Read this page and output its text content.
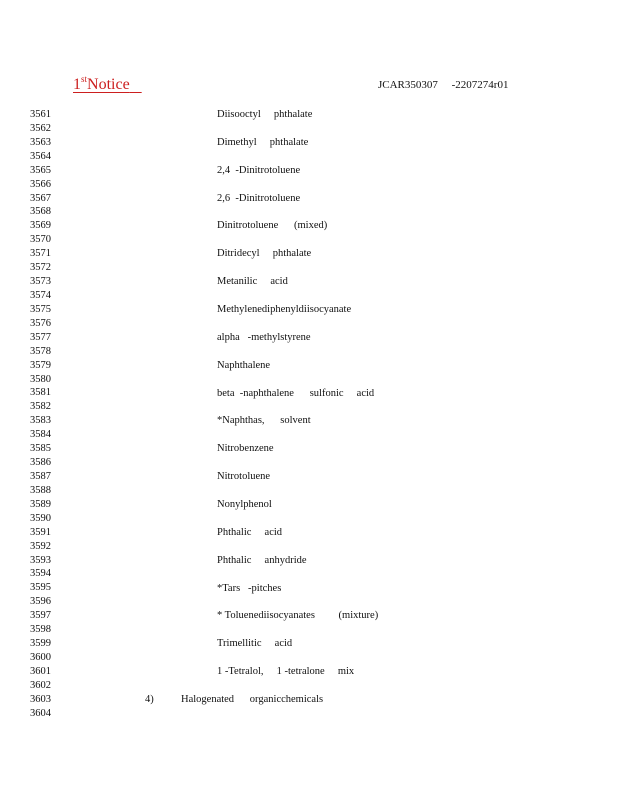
1stNotice	JCAR350307     -2207274r01
3561
3562
3563
3564
3565
3566
3567
3568
3569
3570
3571
3572
3573
3574
3575
3576
3577
3578
3579
3580
3581
3582
3583
3584
3585
3586
3587
3588
3589
3590
3591
3592
3593
3594
3595
3596
3597
3598
3599
3600
3601
3602
3603
3604
Diisooctyl     phthalate
Dimethyl     phthalate
2,4  -Dinitrotoluene
2,6  -Dinitrotoluene
Dinitrotoluene      (mixed)
Ditridecyl     phthalate
Metanilic     acid
Methylenediphenyldiisocyanate
alpha   -methylstyrene
Naphthalene
beta  -naphthalene      sulfonic     acid
*Naphthas,      solvent
Nitrobenzene
Nitrotoluene
Nonylphenol
Phthalic     acid
Phthalic     anhydride
*Tars   -pitches
* Toluenediisocyanates         (mixture)
Trimellitic     acid
1 -Tetralol,     1 -tetralone     mix
4)	Halogenated      organicchemicals
